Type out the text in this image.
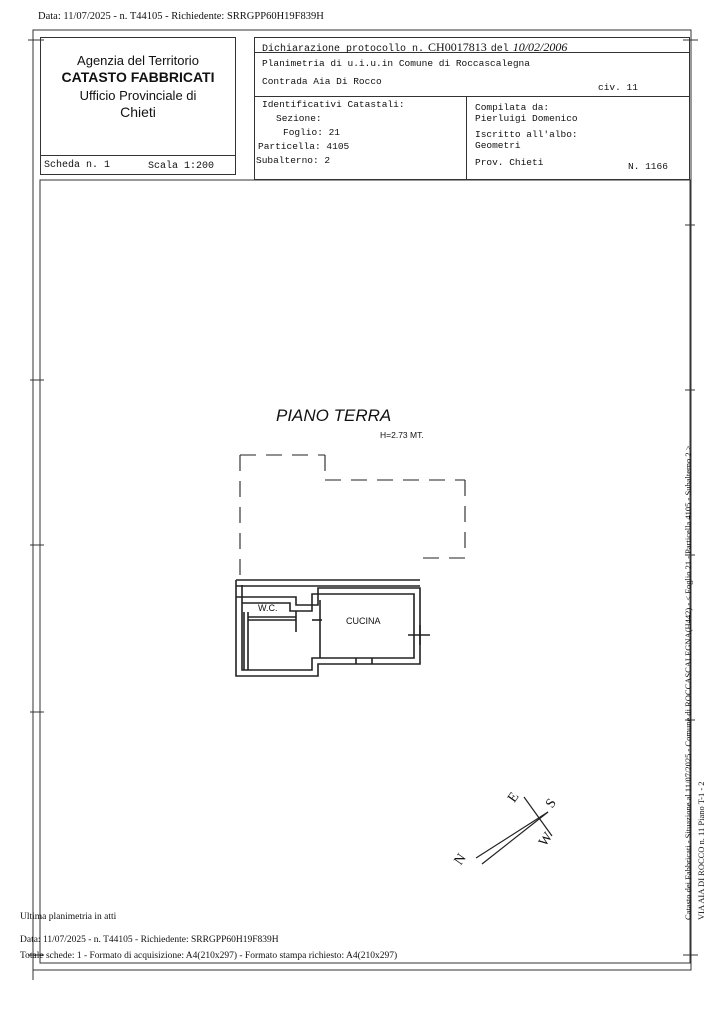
Data: 11/07/2025 - n. T44105 - Richiedente: SRRGPP60H19F839H
Agenzia del Territorio
CATASTO FABBRICATI
Ufficio Provinciale di
Chieti
Scheda n. 1	Scala 1:200
Dichiarazione protocollo n. CH0017813 del 10/02/2006
Planimetria di u.i.u.in Comune di Roccascalegna
Contrada Aia Di Rocco
civ. 11
Identificativi Catastali:
Sezione:
Foglio: 21
Particella: 4105
Subalterno: 2
Compilata da:
Pierluigi Domenico
Iscritto all'albo:
Geometri
Prov. Chieti	N. 1166
PIANO TERRA
H=2.73 MT.
W.C.
CUCINA
N
E S
W	Catasto dei Fabbricati - Situazione al 11/07/2025 - Comune di ROCCASCALEGNA(H442) - < Foglio 21 - Particella 4105 - Subalterno 2 > VIA AIA DI ROCCO n. 11 Piano T-1 - 2
Ultima planimetria in atti
Data: 11/07/2025 - n. T44105 - Richiedente: SRRGPP60H19F839H
Totale schede: 1 - Formato di acquisizione: A4(210x297) - Formato stampa richiesto: A4(210x297)
